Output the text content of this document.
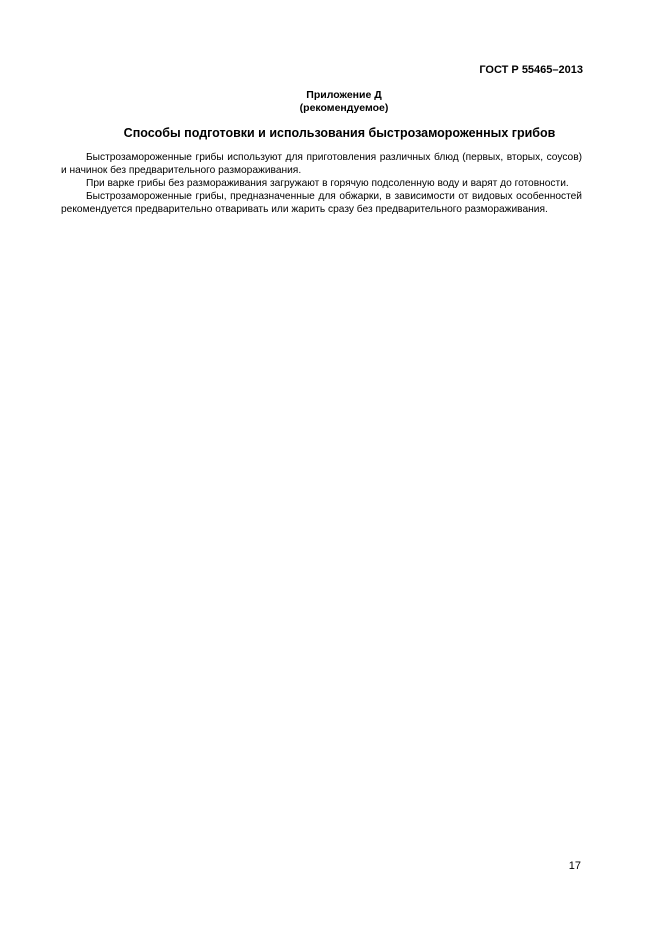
ГОСТ Р 55465–2013
Приложение Д
(рекомендуемое)
Способы подготовки и использования быстрозамороженных грибов

Быстрозамороженные грибы используют для приготовления различных блюд (первых, вторых, соусов) и начинок без предварительного размораживания.

При варке грибы без размораживания загружают в горячую подсоленную воду и варят до готовности.

Быстрозамороженные грибы, предназначенные для обжарки, в зависимости от видовых особенностей рекомендуется предварительно отваривать или жарить сразу без предварительного размораживания.

17
